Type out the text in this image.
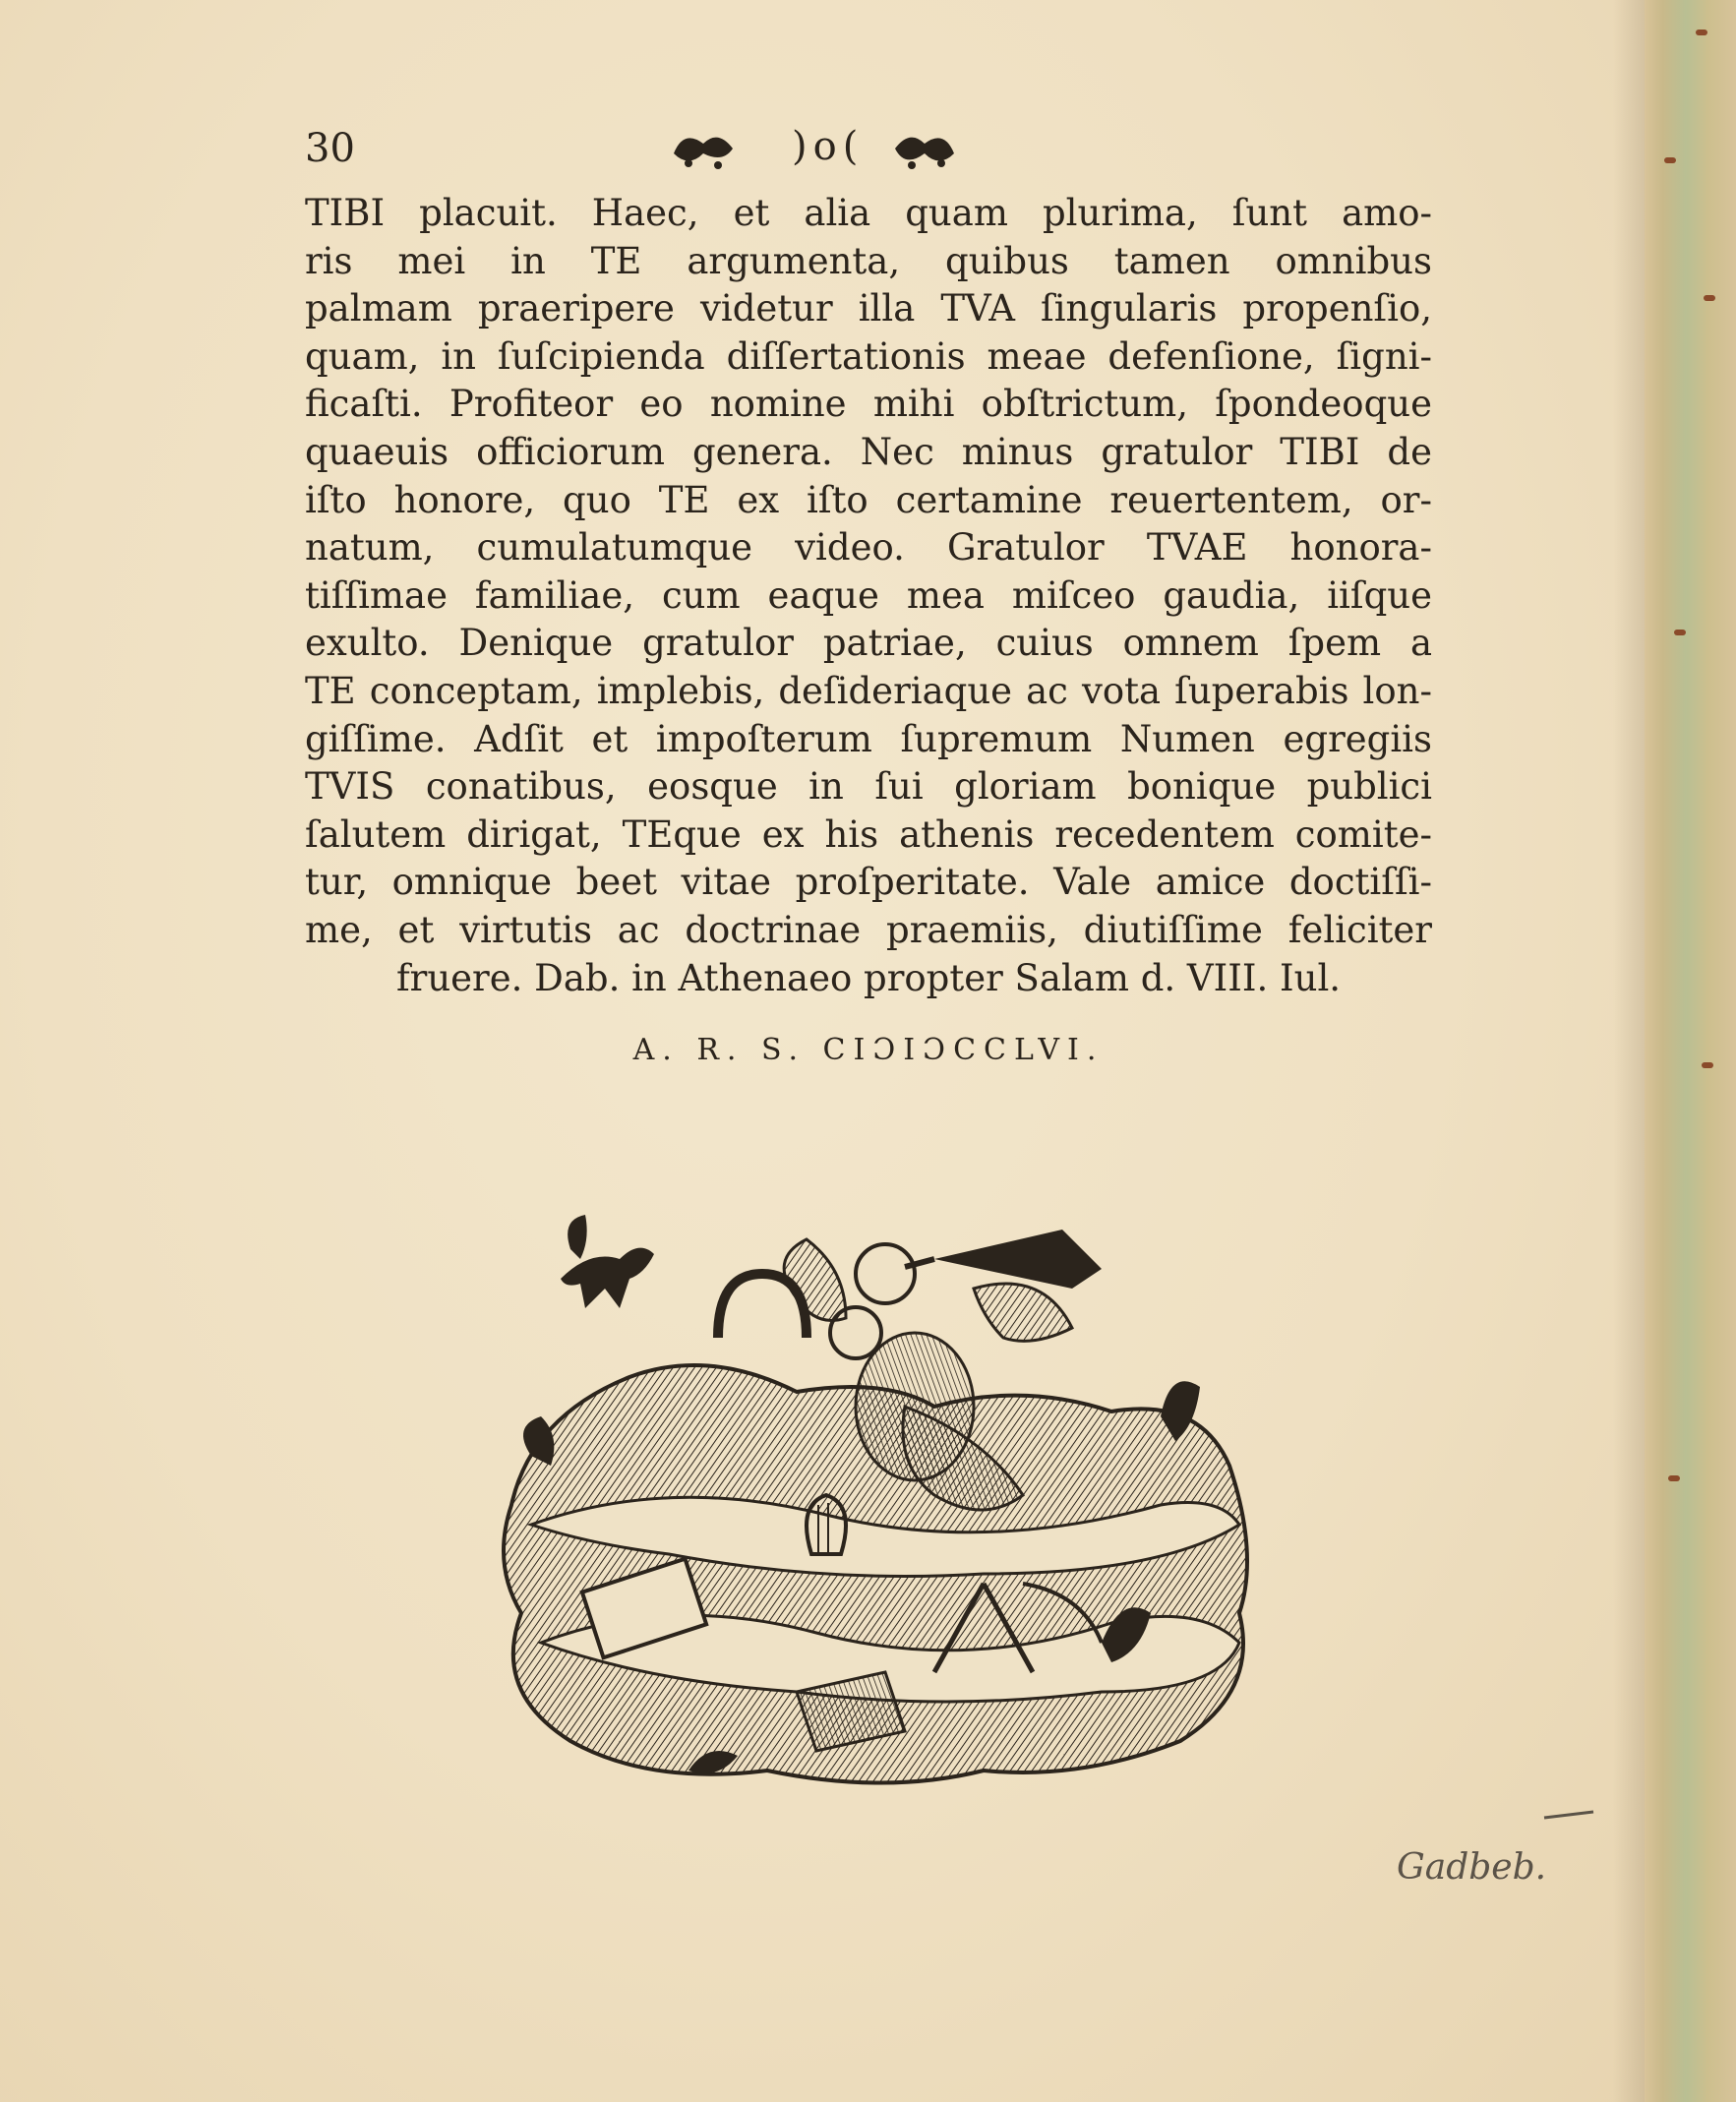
30	)o(
TIBI placuit. Haec, et alia quam plurima, ſunt amo-
ris mei in TE argumenta, quibus tamen omnibus
palmam praeripere videtur illa TVA ſingularis propenſio,
quam, in ſuſcipienda diſſertationis meae defenſione, ſigni-
ficaſti. Profiteor eo nomine mihi obſtrictum, ſpondeoque
quaeuis officiorum genera. Nec minus gratulor TIBI de
iſto honore, quo TE ex iſto certamine reuertentem, or-
natum, cumulatumque video. Gratulor TVAE honora-
tiſſimae familiae, cum eaque mea miſceo gaudia, iiſque
exulto. Denique gratulor patriae, cuius omnem ſpem a
TE conceptam, implebis, deſideriaque ac vota ſuperabis lon-
giſſime. Adſit et impoſterum ſupremum Numen egregiis
TVIS conatibus, eosque in ſui gloriam bonique publici
ſalutem dirigat, TEque ex his athenis recedentem comite-
tur, omnique beet vitae proſperitate. Vale amice doctiſſi-
me, et virtutis ac doctrinae praemiis, diutiſſime feliciter
fruere. Dab. in Athenaeo propter Salam d. VIII. Iul.
A. R. S. CIƆIƆCCLVI.
Gadbeb.
